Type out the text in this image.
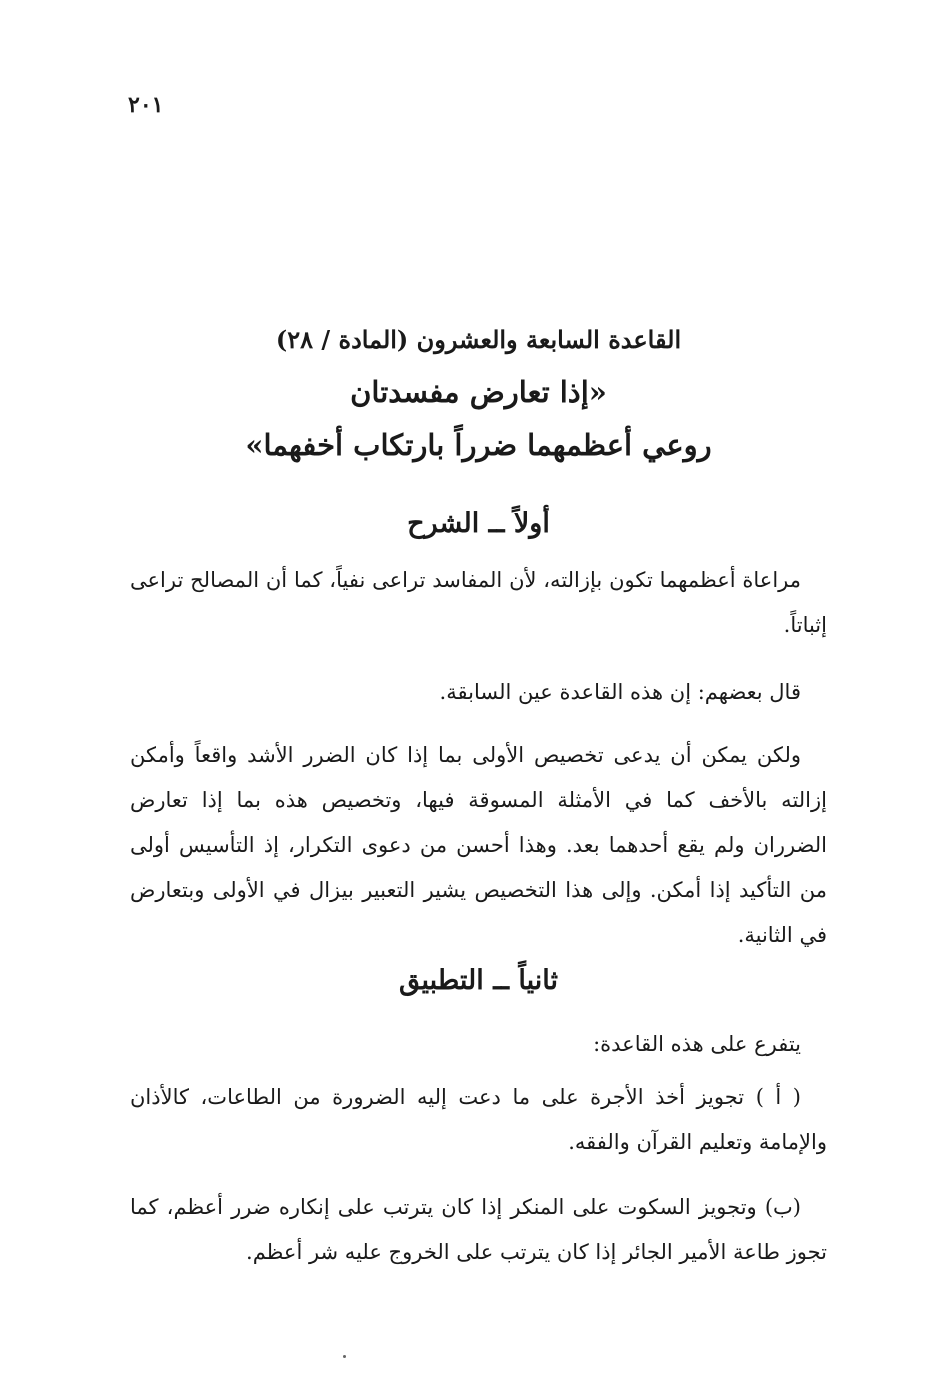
٢٠١
القاعدة السابعة والعشرون (المادة / ٢٨)
«إذا تعارض مفسدتان
روعي أعظمهما ضرراً بارتكاب أخفهما»
أولاً ــ الشرح
مراعاة أعظمهما تكون بإزالته، لأن المفاسد تراعى نفياً، كما أن المصالح تراعى إثباتاً.
قال بعضهم: إن هذه القاعدة عين السابقة.
ولكن يمكن أن يدعى تخصيص الأولى بما إذا كان الضرر الأشد واقعاً وأمكن إزالته بالأخف كما في الأمثلة المسوقة فيها، وتخصيص هذه بما إذا تعارض الضرران ولم يقع أحدهما بعد. وهذا أحسن من دعوى التكرار، إذ التأسيس أولى من التأكيد إذا أمكن. وإلى هذا التخصيص يشير التعبير بيزال في الأولى وبتعارض في الثانية.
ثانياً ــ التطبيق
يتفرع على هذه القاعدة:
( أ ) تجويز أخذ الأجرة على ما دعت إليه الضرورة من الطاعات، كالأذان والإمامة وتعليم القرآن والفقه.
(ب) وتجويز السكوت على المنكر إذا كان يترتب على إنكاره ضرر أعظم، كما تجوز طاعة الأمير الجائر إذا كان يترتب على الخروج عليه شر أعظم.
